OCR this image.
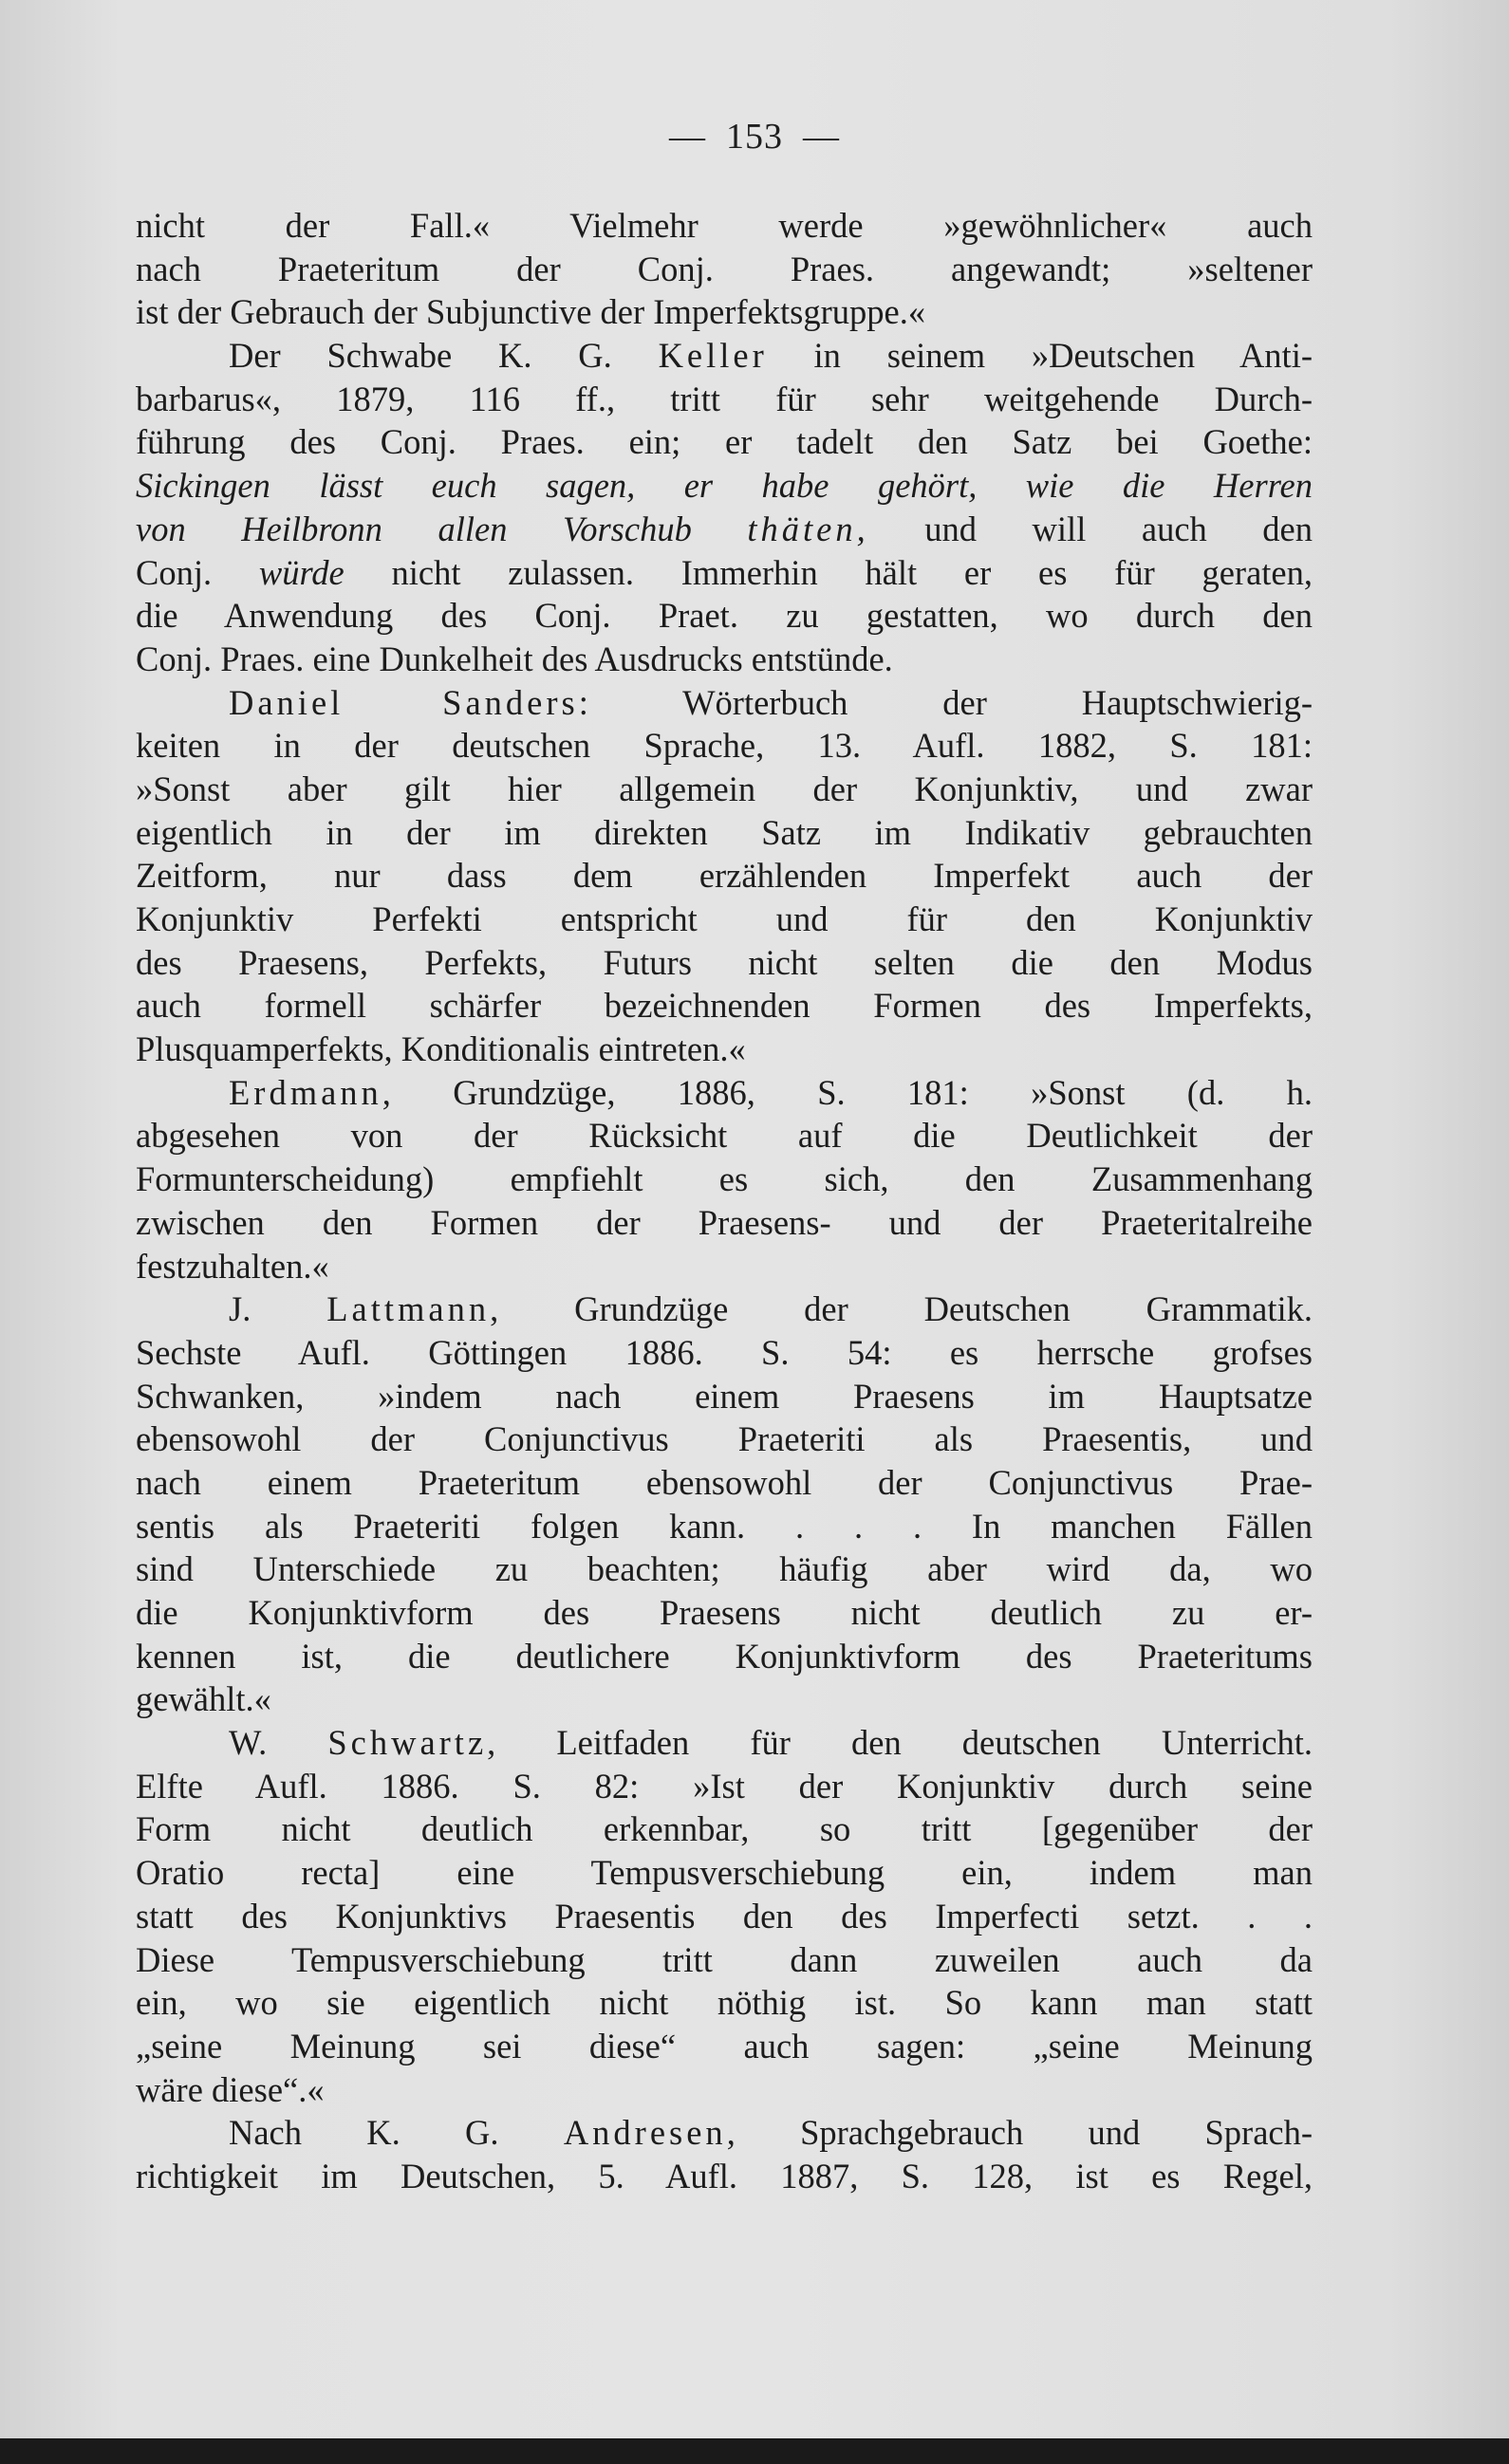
—  153  —
nicht der Fall.« Vielmehr werde »gewöhnlicher« auch
nach Praeteritum der Conj. Praes. angewandt; »seltener
ist der Gebrauch der Subjunctive der Imperfektsgruppe.«
Der Schwabe K. G. Keller in seinem »Deutschen Anti-
barbarus«, 1879, 116 ff., tritt für sehr weitgehende Durch-
führung des Conj. Praes. ein; er tadelt den Satz bei Goethe:
Sickingen lässt euch sagen, er habe gehört, wie die Herren
von Heilbronn allen Vorschub thäten, und will auch den
Conj. würde nicht zulassen. Immerhin hält er es für geraten,
die Anwendung des Conj. Praet. zu gestatten, wo durch den
Conj. Praes. eine Dunkelheit des Ausdrucks entstünde.
Daniel Sanders: Wörterbuch der Hauptschwierig-
keiten in der deutschen Sprache, 13. Aufl. 1882, S. 181:
»Sonst aber gilt hier allgemein der Konjunktiv, und zwar
eigentlich in der im direkten Satz im Indikativ gebrauchten
Zeitform, nur dass dem erzählenden Imperfekt auch der
Konjunktiv Perfekti entspricht und für den Konjunktiv
des Praesens, Perfekts, Futurs nicht selten die den Modus
auch formell schärfer bezeichnenden Formen des Imperfekts,
Plusquamperfekts, Konditionalis eintreten.«
Erdmann, Grundzüge, 1886, S. 181: »Sonst (d. h.
abgesehen von der Rücksicht auf die Deutlichkeit der
Formunterscheidung) empfiehlt es sich, den Zusammenhang
zwischen den Formen der Praesens- und der Praeteritalreihe
festzuhalten.«
J. Lattmann, Grundzüge der Deutschen Grammatik.
Sechste Aufl. Göttingen 1886. S. 54: es herrsche grofses
Schwanken, »indem nach einem Praesens im Hauptsatze
ebensowohl der Conjunctivus Praeteriti als Praesentis, und
nach einem Praeteritum ebensowohl der Conjunctivus Prae-
sentis als Praeteriti folgen kann. . . . In manchen Fällen
sind Unterschiede zu beachten; häufig aber wird da, wo
die Konjunktivform des Praesens nicht deutlich zu er-
kennen ist, die deutlichere Konjunktivform des Praeteritums
gewählt.«
W. Schwartz, Leitfaden für den deutschen Unterricht.
Elfte Aufl. 1886. S. 82: »Ist der Konjunktiv durch seine
Form nicht deutlich erkennbar, so tritt [gegenüber der
Oratio recta] eine Tempusverschiebung ein, indem man
statt des Konjunktivs Praesentis den des Imperfecti setzt. . .
Diese Tempusverschiebung tritt dann zuweilen auch da
ein, wo sie eigentlich nicht nöthig ist. So kann man statt
„seine Meinung sei diese“ auch sagen: „seine Meinung
wäre diese“.«
Nach K. G. Andresen, Sprachgebrauch und Sprach-
richtigkeit im Deutschen, 5. Aufl. 1887, S. 128, ist es Regel,
